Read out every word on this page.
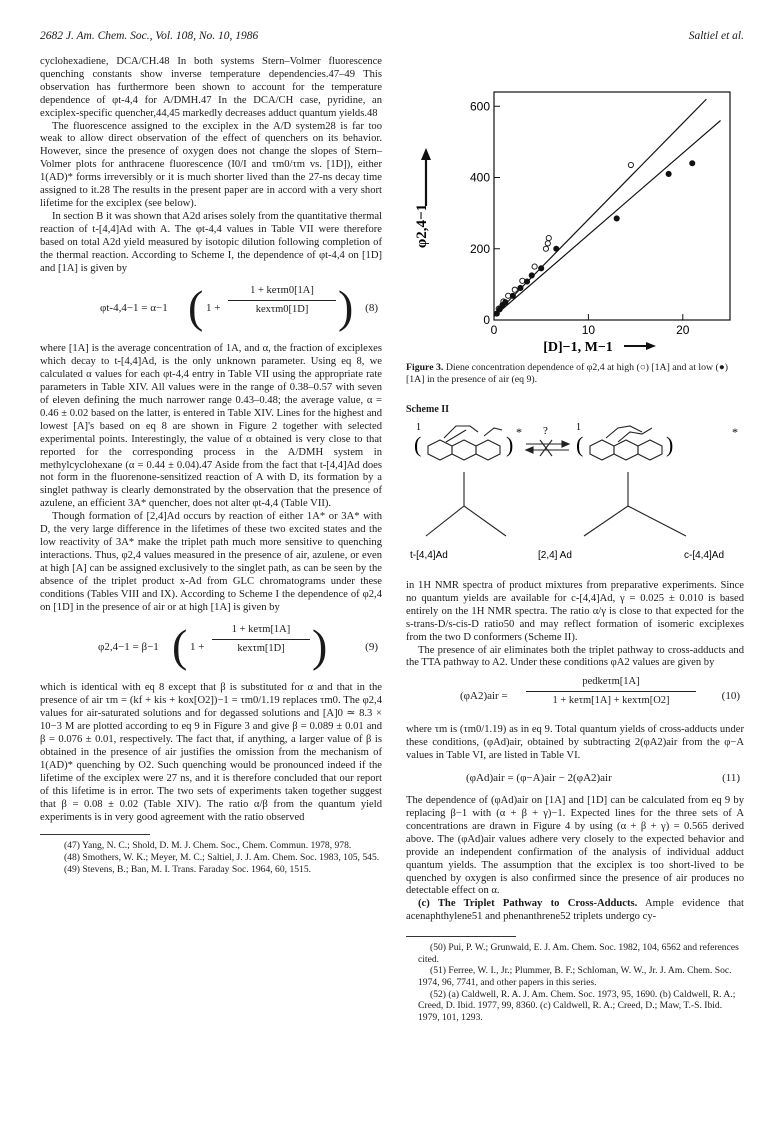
2682 J. Am. Chem. Soc., Vol. 108, No. 10, 1986	Saltiel et al.

cyclohexadiene, DCA/CH.48 In both systems Stern–Volmer fluorescence quenching constants show inverse temperature dependencies.47–49 This observation has furthermore been shown to account for the temperature dependence of φt-4,4 for A/DMH.47 In the DCA/CH case, pyridine, an exciplex-specific quencher,44,45 markedly decreases adduct quantum yields.48

The fluorescence assigned to the exciplex in the A/D system28 is far too weak to allow direct observation of the effect of quenchers on its behavior. However, since the presence of oxygen does not change the slopes of Stern–Volmer plots for anthracene fluorescence (I0/I and τm0/τm vs. [1D]), either 1(AD)* forms irreversibly or it is much shorter lived than the 27-ns decay time assigned to it.28 The results in the present paper are in accord with a very short lifetime for the exciplex (see below).

In section B it was shown that A2d arises solely from the quantitative thermal reaction of t-[4,4]Ad with A. The φt-4,4 values in Table VII were therefore based on total A2d yield measured by isotopic dilution following completion of the thermal reaction. According to Scheme I, the dependence of φt-4,4 on [1D] and [1A] is given by

φt-4,4−1 = α−1 ( 1 +
1 + keτm0[1A]
kexτm0[1D] ) (8)

where [1A] is the average concentration of 1A, and α, the fraction of exciplexes which decay to t-[4,4]Ad, is the only unknown parameter. Using eq 8, we calculated α values for each φt-4,4 entry in Table VII using the appropriate rate parameters in Table XIV. All values were in the range of 0.38–0.57 with seven of eleven defining the much narrower range 0.43–0.48; the average value, α = 0.46 ± 0.02 based on the latter, is entered in Table XIV. Lines for the highest and lowest [A]'s based on eq 8 are shown in Figure 2 together with selected experimental points. Interestingly, the value of α obtained is very close to that reported for the corresponding process in the A/DMH system in methylcyclohexane (α = 0.44 ± 0.04).47 Aside from the fact that t-[4,4]Ad does not form in the fluorenone-sensitized reaction of A with D, its formation by a singlet pathway is clearly demonstrated by the observation that the presence of azulene, an efficient 3A* quencher, does not alter φt-4,4 (Table VII).

Though formation of [2,4]Ad occurs by reaction of either 1A* or 3A* with D, the very large difference in the lifetimes of these two excited states and the low reactivity of 3A* make the triplet path much more sensitive to quenching interactions. Thus, φ2,4 values measured in the presence of air, azulene, or even at high [A] can be assigned exclusively to the singlet path, as can be seen by the absence of the triplet product x-Ad from GLC chromatograms under these conditions (Tables VIII and IX). According to Scheme I the dependence of φ2,4 on [1D] in the presence of air or at high [1A] is given by

φ2,4−1 = β−1 ( 1 +
1 + keτm[1A]
kexτm[1D] )	(9)

which is identical with eq 8 except that β is substituted for α and that in the presence of air τm = (kf + kis + kox[O2])−1 = τm0/1.19 replaces τm0. The φ2,4 values for air-saturated solutions and for degassed solutions and [A]0 ≃ 8.3 × 10−3 M are plotted according to eq 9 in Figure 3 and give β = 0.089 ± 0.01 and β = 0.076 ± 0.01, respectively. The fact that, if anything, a larger value of β is obtained in the presence of air justifies the omission from the mechanism of 1(AD)* quenching by O2. Such quenching would be pronounced indeed if the lifetime of the exciplex were 27 ns, and it is therefore concluded that our report of this lifetime is in error. The two sets of experiments taken together suggest that β = 0.08 ± 0.02 (Table XIV). The ratio α/β from the quantum yield experiments is in very good agreement with the ratio observed

(47) Yang, N. C.; Shold, D. M. J. Chem. Soc., Chem. Commun. 1978, 978.

(48) Smothers, W. K.; Meyer, M. C.; Saltiel, J. J. Am. Chem. Soc. 1983, 105, 545.

(49) Stevens, B.; Ban, M. I. Trans. Faraday Soc. 1964, 60, 1515.

0	10	20
0
200
400
600
φ2,4−1
[D]−1, M−1
Figure 3. Diene concentration dependence of φ2,4 at high (○) [1A] and at low (●) [1A] in the presence of air (eq 9).
Scheme II
1
(	) * ?	1
(	)	*
t-[4,4]Ad	[2,4] Ad	c-[4,4]Ad

in 1H NMR spectra of product mixtures from preparative experiments. Since no quantum yields are available for c-[4,4]Ad, γ = 0.025 ± 0.010 is based entirely on the 1H NMR spectra. The ratio α/γ is close to that expected for the s-trans-D/s-cis-D ratio50 and may reflect formation of isomeric exciplexes from the two D conformers (Scheme II).

The presence of air eliminates both the triplet pathway to cross-adducts and the TTA pathway to A2. Under these conditions φA2 values are given by

(φA2)air =
pedkeτm[1A]
1 + keτm[1A] + kexτm[O2]	(10)

where τm is (τm0/1.19) as in eq 9. Total quantum yields of cross-adducts under these conditions, (φAd)air, obtained by subtracting 2(φA2)air from the φ−A values in Table VI, are listed in Table VI.

(φAd)air = (φ−A)air − 2(φA2)air	(11)

The dependence of (φAd)air on [1A] and [1D] can be calculated from eq 9 by replacing β−1 with (α + β + γ)−1. Expected lines for the three sets of A concentrations are drawn in Figure 4 by using (α + β + γ) = 0.565 derived above. The (φAd)air values adhere very closely to the expected behavior and provide an independent confirmation of the analysis of individual adduct quantum yields. The assumption that the exciplex is too short-lived to be quenched by oxygen is also confirmed since the presence of air produces no detectable effect on α.

(c) The Triplet Pathway to Cross-Adducts. Ample evidence that acenaphthylene51 and phenanthrene52 triplets undergo cy-

(50) Pui, P. W.; Grunwald, E. J. Am. Chem. Soc. 1982, 104, 6562 and references cited.

(51) Ferree, W. I., Jr.; Plummer, B. F.; Schloman, W. W., Jr. J. Am. Chem. Soc. 1974, 96, 7741, and other papers in this series.

(52) (a) Caldwell, R. A. J. Am. Chem. Soc. 1973, 95, 1690. (b) Caldwell, R. A.; Creed, D. Ibid. 1977, 99, 8360. (c) Caldwell, R. A.; Creed, D.; Maw, T.-S. Ibid. 1979, 101, 1293.
